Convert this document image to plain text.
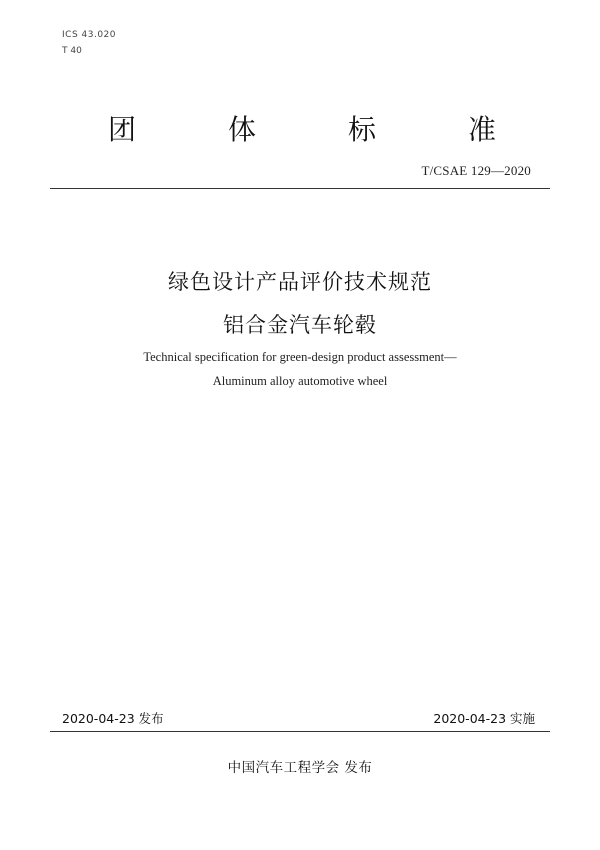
ICS 43.020
T 40
团	体	标	准
T/CSAE 129—2020
绿色设计产品评价技术规范
铝合金汽车轮毂
Technical specification for green-design product assessment—
Aluminum alloy automotive wheel
2020-04-23 发布	2020-04-23 实施
中国汽车工程学会 发布
